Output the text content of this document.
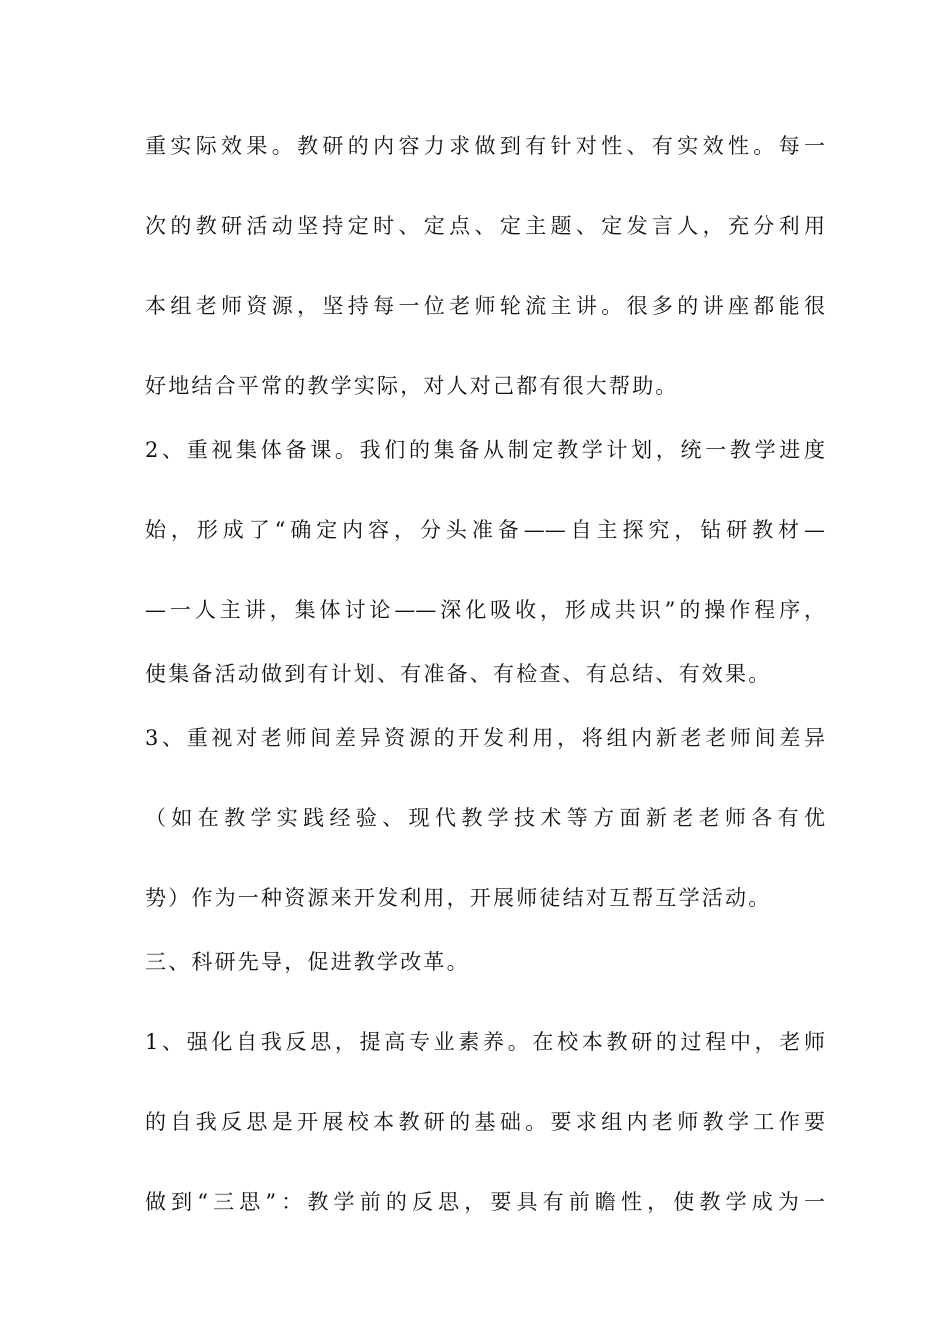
重实际效果。教研的内容力求做到有针对性、有实效性。每一
次的教研活动坚持定时、定点、定主题、定发言人，充分利用
本组老师资源，坚持每一位老师轮流主讲。很多的讲座都能很
好地结合平常的教学实际，对人对己都有很大帮助。
2、重视集体备课。我们的集备从制定教学计划，统一教学进度
始，形成了“确定内容，分头准备——自主探究，钻研教材—
—一人主讲，集体讨论——深化吸收，形成共识”的操作程序，
使集备活动做到有计划、有准备、有检查、有总结、有效果。
3、重视对老师间差异资源的开发利用，将组内新老老师间差异
（如在教学实践经验、现代教学技术等方面新老老师各有优
势）作为一种资源来开发利用，开展师徒结对互帮互学活动。
三、科研先导，促进教学改革。
1、强化自我反思，提高专业素养。在校本教研的过程中，老师
的自我反思是开展校本教研的基础。要求组内老师教学工作要
做到“三思”：教学前的反思，要具有前瞻性，使教学成为一
